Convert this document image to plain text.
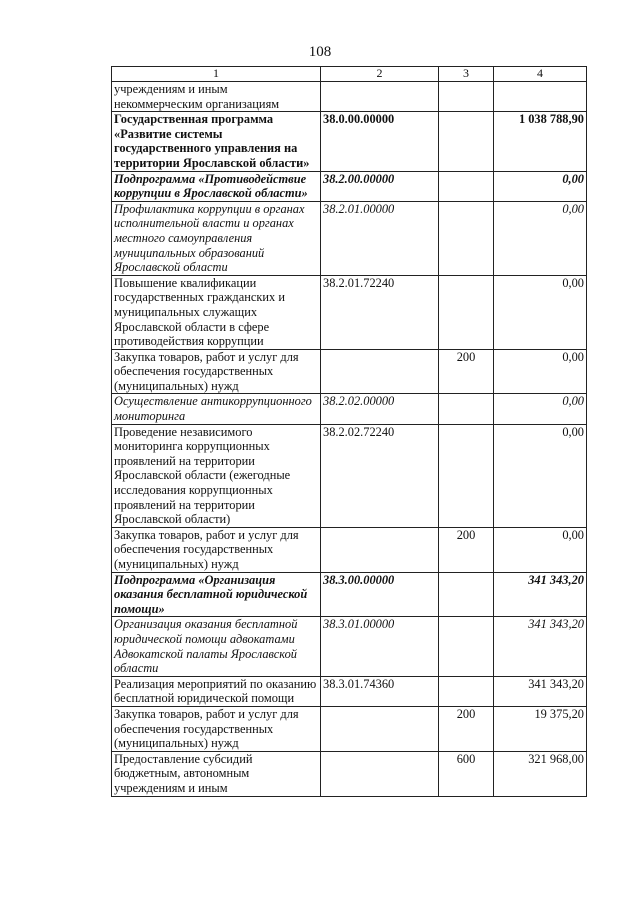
108
1	2	3	4
учреждениям и иным некоммерческим организациям			
Государственная программа «Развитие системы государственного управления на территории Ярославской области»	38.0.00.00000		1 038 788,90
Подпрограмма «Противодействие коррупции в Ярославской области»	38.2.00.00000		0,00
Профилактика коррупции в органах исполнительной власти и органах местного самоуправления муниципальных образований Ярославской области	38.2.01.00000		0,00
Повышение квалификации государственных гражданских и муниципальных служащих Ярославской области в сфере противодействия коррупции	38.2.01.72240		0,00
Закупка товаров, работ и услуг для обеспечения государственных (муниципальных) нужд		200	0,00
Осуществление антикоррупционного мониторинга	38.2.02.00000		0,00
Проведение независимого мониторинга коррупционных проявлений на территории Ярославской области (ежегодные исследования коррупционных проявлений на территории Ярославской области)	38.2.02.72240		0,00
Закупка товаров, работ и услуг для обеспечения государственных (муниципальных) нужд		200	0,00
Подпрограмма «Организация оказания бесплатной юридической помощи»	38.3.00.00000		341 343,20
Организация оказания бесплатной юридической помощи адвокатами Адвокатской палаты Ярославской области	38.3.01.00000		341 343,20
Реализация мероприятий по оказанию бесплатной юридической помощи	38.3.01.74360		341 343,20
Закупка товаров, работ и услуг для обеспечения государственных (муниципальных) нужд		200	19 375,20
Предоставление субсидий бюджетным, автономным учреждениям и иным		600	321 968,00
